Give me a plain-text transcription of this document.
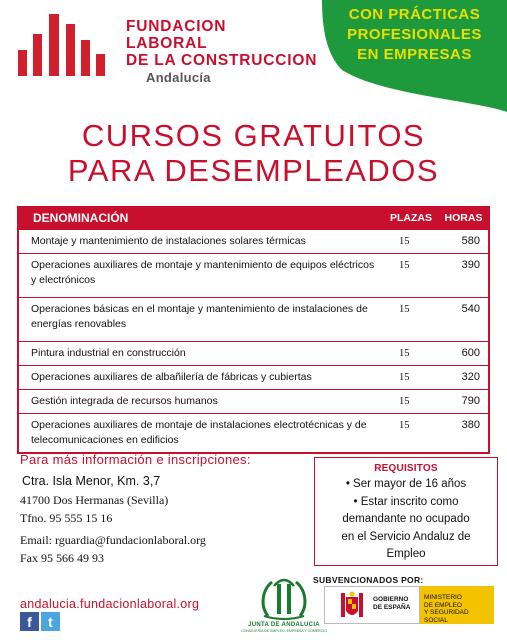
FUNDACION
LABORAL
DE LA CONSTRUCCION
Andalucía
CON PRÁCTICAS
PROFESIONALES
EN EMPRESAS
CURSOS GRATUITOS
PARA DESEMPLEADOS
DENOMINACIÓN	PLAZAS	HORAS
Montaje y mantenimiento de instalaciones solares térmicas	15	580
Operaciones auxiliares de montaje y mantenimiento de equipos eléctricos y electrónicos	15	390
Operaciones básicas en el montaje y mantenimiento de instalaciones de energías renovables	15	540
Pintura industrial en construcción	15	600
Operaciones auxiliares de albañilería de fábricas y cubiertas	15	320
Gestión integrada de recursos humanos	15	790
Operaciones auxiliares de montaje de instalaciones electrotécnicas y de telecomunicaciones en edificios	15	380
Para más información e inscripciones:
Ctra. Isla Menor, Km. 3,7
41700 Dos Hermanas (Sevilla)
Tfno. 95 555 15 16
Email: rguardia@fundacionlaboral.org
Fax 95 566 49 93
REQUISITOS
• Ser mayor de 16 años
• Estar inscrito como
demandante no ocupado
en el Servicio Andaluz de
Empleo
andalucia.fundacionlaboral.org
f	t	JUNTA DE ANDALUCIA
CONSEJERÍA DE EMPLEO, EMPRESA Y COMERCIO
SUBVENCIONADOS POR:
GOBIERNO
DE ESPAÑA
MINISTERIO
DE EMPLEO
Y SEGURIDAD SOCIAL
